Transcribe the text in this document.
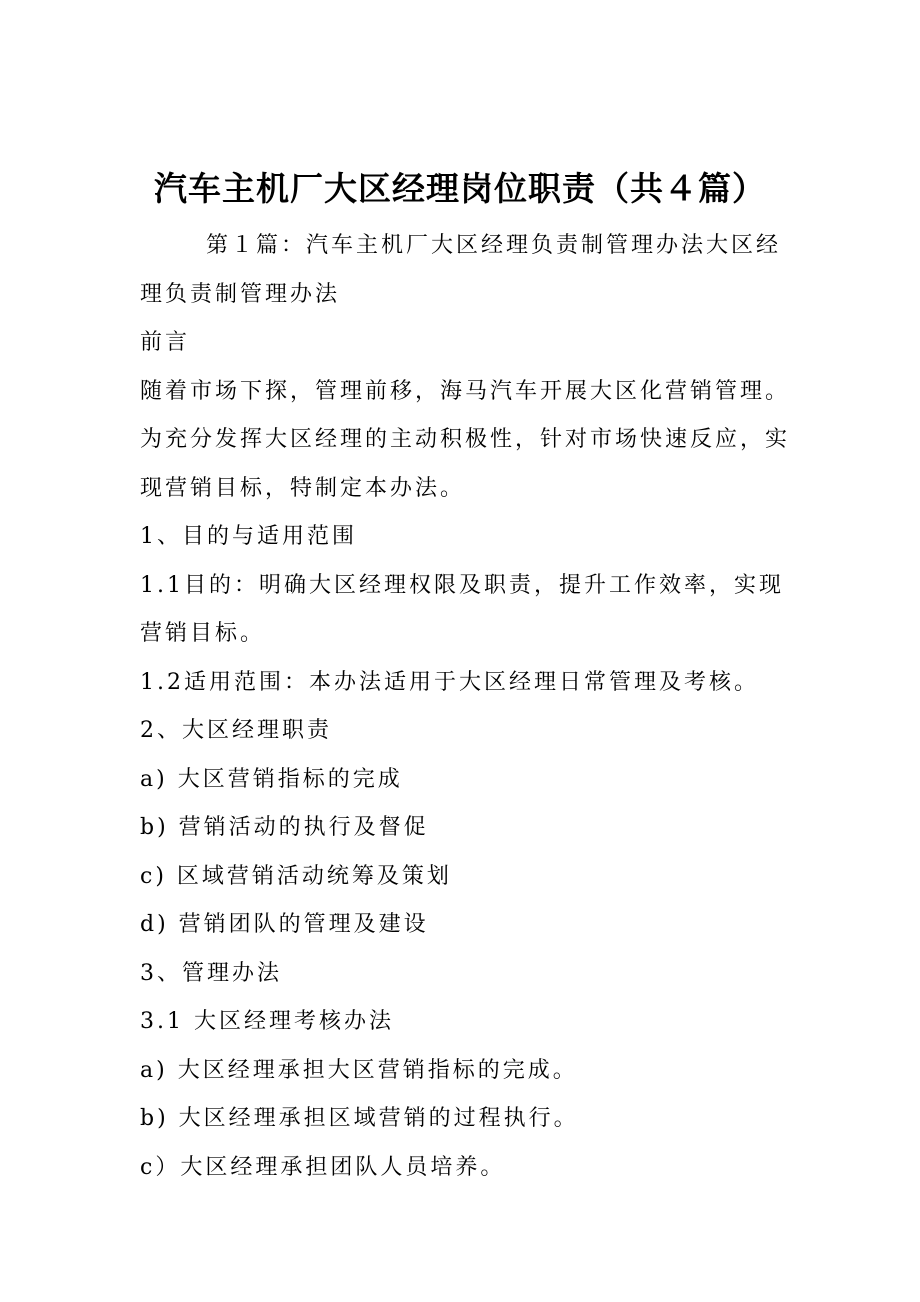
汽车主机厂大区经理岗位职责（共４篇）

第１篇：汽车主机厂大区经理负责制管理办法大区经理负责制管理办法

前言

随着市场下探，管理前移，海马汽车开展大区化营销管理。为充分发挥大区经理的主动积极性，针对市场快速反应，实现营销目标，特制定本办法。

1、目的与适用范围

1.1目的：明确大区经理权限及职责，提升工作效率，实现营销目标。

1.2适用范围：本办法适用于大区经理日常管理及考核。

2、大区经理职责

a) 大区营销指标的完成

b) 营销活动的执行及督促

c) 区域营销活动统筹及策划

d) 营销团队的管理及建设

3、管理办法

3.1 大区经理考核办法

a) 大区经理承担大区营销指标的完成。

b) 大区经理承担区域营销的过程执行。

c）大区经理承担团队人员培养。
